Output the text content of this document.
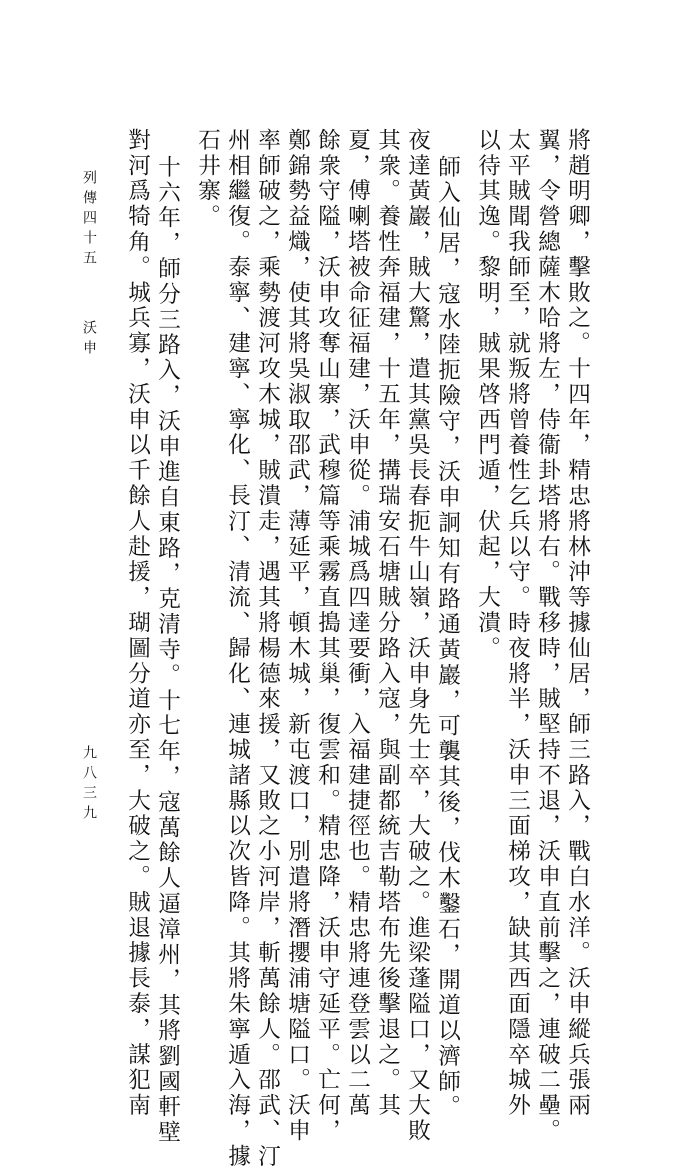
將趙明卿，擊敗之。十四年，精忠將林沖等據仙居，師三路入，戰白水洋。沃申縱兵張兩
翼，令營總薩木哈將左，侍衞卦塔將右。戰移時，賊堅持不退，沃申直前擊之，連破二壘。
太平賊聞我師至，就叛將曾養性乞兵以守。時夜將半，沃申三面梯攻，缺其西面隱卒城外
以待其逸。黎明，賊果啓西門遁，伏起，大潰。
師入仙居，寇水陸扼險守，沃申詗知有路通黃巖，可襲其後，伐木鑿石，開道以濟師。
夜達黃巖，賊大驚，遣其黨吳長春扼牛山嶺，沃申身先士卒，大破之。進梁蓬隘口，又大敗
其衆。養性奔福建，十五年，搆瑞安石塘賊分路入寇，與副都統吉勒塔布先後擊退之。其
夏，傅喇塔被命征福建，沃申從。浦城爲四達要衝，入福建捷徑也。精忠將連登雲以二萬
餘衆守隘，沃申攻奪山寨，武穆篇等乘霧直搗其巢，復雲和。精忠降，沃申守延平。亡何，
鄭錦勢益熾，使其將吳淑取邵武，薄延平，頓木城，新屯渡口，別遣將潛攖浦塘隘口。沃申
率師破之，乘勢渡河攻木城，賊潰走，遇其將楊德來援，又敗之小河岸，斬萬餘人。邵武、汀
州相繼復。泰寧、建寧、寧化、長汀、清流、歸化、連城諸縣以次皆降。其將朱寧遁入海，據
石井寨。
十六年，師分三路入，沃申進自東路，克清寺。十七年，寇萬餘人逼漳州，其將劉國軒壁
對河爲犄角。城兵寡，沃申以千餘人赴援，瑚圖分道亦至，大破之。賊退據長泰，謀犯南
列傳四十五
沃申
九八三九
